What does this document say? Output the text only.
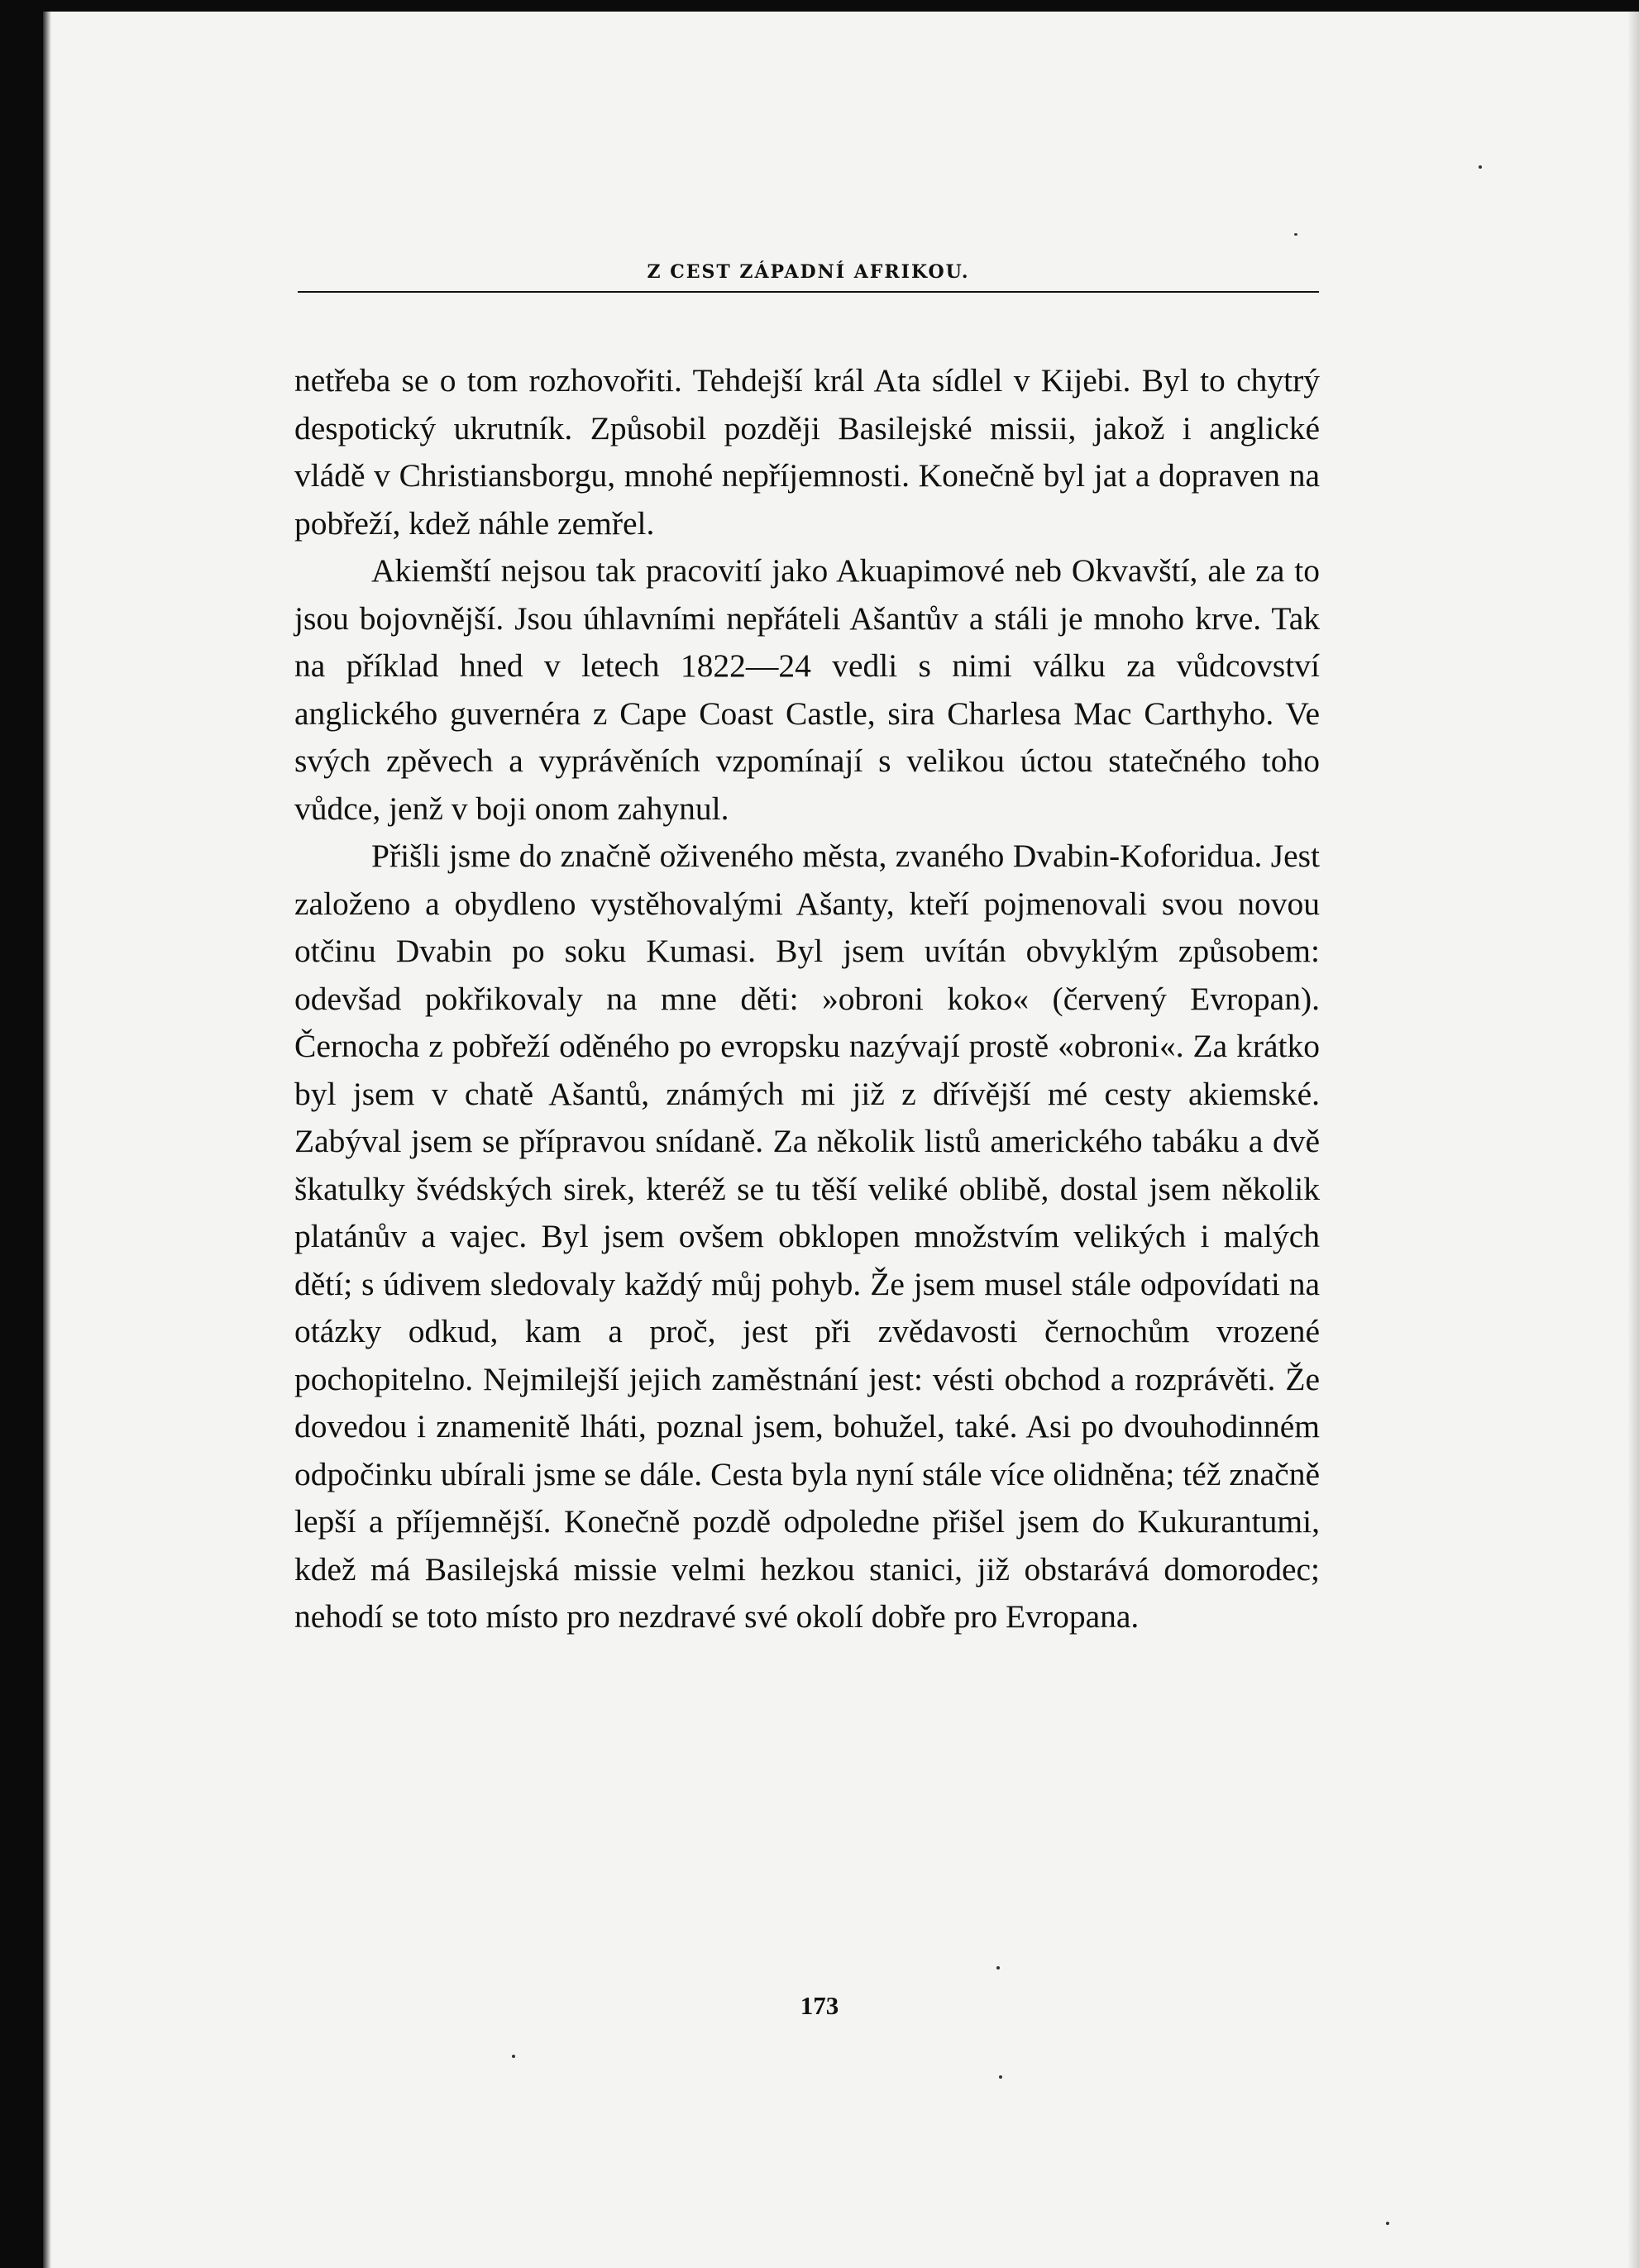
Z CEST ZÁPADNÍ AFRIKOU.

netřeba se o tom rozhovořiti. Tehdejší král Ata sídlel v Kijebi. Byl to chytrý despotický ukrutník. Způsobil později Basilejské missii, jakož i anglické vládě v Christiansborgu, mnohé nepříjemnosti. Konečně byl jat a dopraven na pobřeží, kdež náhle zemřel.

Akiemští nejsou tak pracovití jako Akuapimové neb Okvavští, ale za to jsou bojovnější. Jsou úhlavními nepřáteli Ašantův a stáli je mnoho krve. Tak na příklad hned v letech 1822—24 vedli s nimi válku za vůdcovství anglického guvernéra z Cape Coast Castle, sira Charlesa Mac Carthyho. Ve svých zpěvech a vyprávěních vzpomínají s velikou úctou statečného toho vůdce, jenž v boji onom zahynul.

Přišli jsme do značně oživeného města, zvaného Dvabin-Koforidua. Jest založeno a obydleno vystěhovalými Ašanty, kteří pojmenovali svou novou otčinu Dvabin po soku Kumasi. Byl jsem uvítán obvyklým způsobem: odevšad pokřikovaly na mne děti: »obroni koko« (červený Evropan). Černocha z pobřeží oděného po evropsku nazývají prostě «obroni«. Za krátko byl jsem v chatě Ašantů, známých mi již z dřívější mé cesty akiemské. Zabýval jsem se přípravou snídaně. Za několik listů amerického tabáku a dvě škatulky švédských sirek, kteréž se tu těší veliké oblibě, dostal jsem několik platánův a vajec. Byl jsem ovšem obklopen množstvím velikých i malých dětí; s údivem sledovaly každý můj pohyb. Že jsem musel stále odpovídati na otázky odkud, kam a proč, jest při zvědavosti černochům vrozené pochopitelno. Nejmilejší jejich zaměstnání jest: vésti obchod a rozprávěti. Že dovedou i znamenitě lháti, poznal jsem, bohužel, také. Asi po dvouhodinném odpočinku ubírali jsme se dále. Cesta byla nyní stále více olidněna; též značně lepší a příjemnější. Konečně pozdě odpoledne přišel jsem do Kukurantumi, kdež má Basilejská missie velmi hezkou stanici, již obstarává domorodec; nehodí se toto místo pro nezdravé své okolí dobře pro Evropana.

173
